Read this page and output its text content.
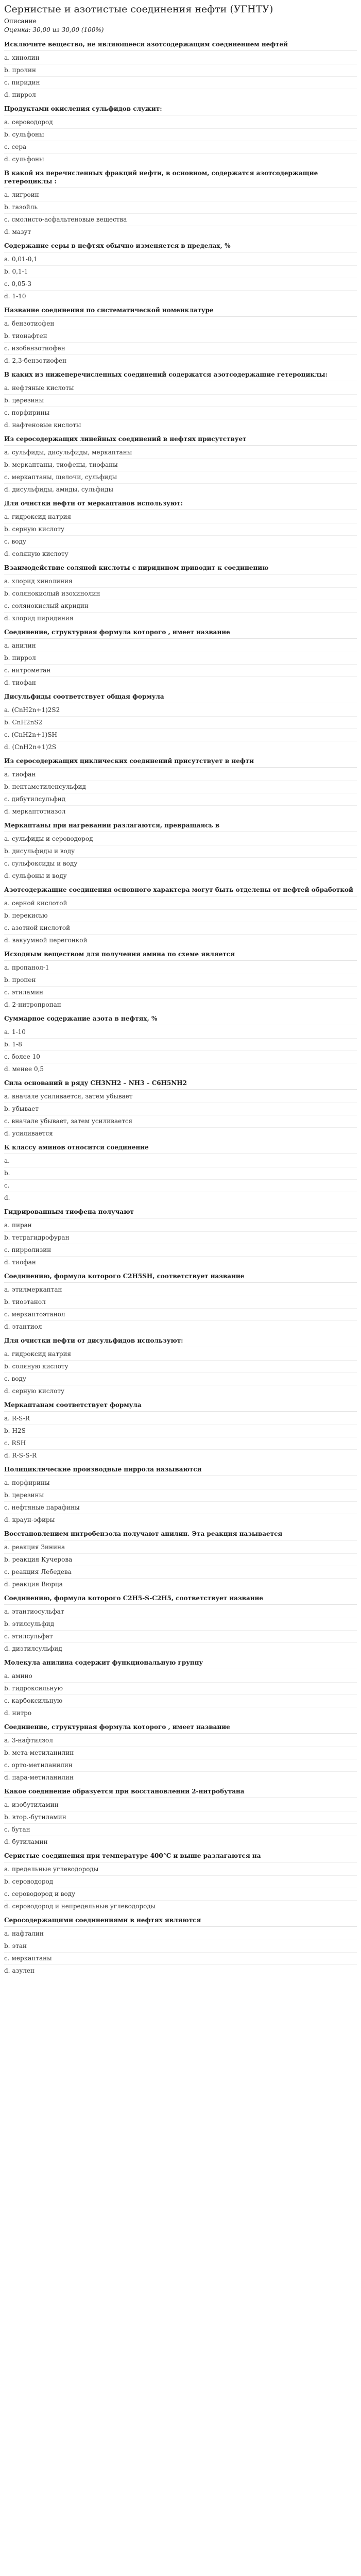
Сернистые и азотистые соединения нефти (УГНТУ)

Описание

Оценка: 30,00 из 30,00 (100%)

Исключите вещество, не являющееся азотсодержащим соединением нефтей
a. хинолин
b. пролин
c. пиридин
d. пиррол
Продуктами окисления сульфидов служит:
a. сероводород
b. сульфоны
c. сера
d. сульфоны
В какой из перечисленных фракций нефти, в основном, содержатся азотсодержащие гетероциклы :
a. лигроин
b. газойль
c. смолисто-асфальтеновые вещества
d. мазут
Содержание серы в нефтях обычно изменяется в пределах, %
a. 0,01-0,1
b. 0,1-1
c. 0,05-3
d. 1-10
Название соединения по систематической номенклатуре
a. бензотиофен
b. тионафтен
c. изобензотиофен
d. 2,3-бензотиофен
В каких из нижеперечисленных соединений содержатся азотсодержащие гетероциклы:
a. нефтяные кислоты
b. церезины
c. порфирины
d. нафтеновые кислоты
Из серосодержащих линейных соединений в нефтях присутствует
a. сульфиды, дисульфиды, меркаптаны
b. меркаптаны, тиофены, тиофаны
c. меркаптаны, щелочи, сульфиды
d. дисульфиды, амиды, сульфиды
Для очистки нефти от меркаптанов используют:
a. гидроксид натрия
b. серную кислоту
c. воду
d. соляную кислоту
Взаимодействие соляной кислоты с пиридином приводит к соединению
a. хлорид хинолиния
b. солянокислый изохинолин
c. солянокислый акридин
d. хлорид пиридиния
Соединение, структурная формула которого , имеет название
a. анилин
b. пиррол
c. нитрометан
d. тиофан
Дисульфиды соответствует общая формула
a. (CnH2n+1)2S2
b. CnH2nS2
c. (CnH2n+1)SH
d. (CnH2n+1)2S
Из серосодержащих циклических соединений присутствует в нефти
a. тиофан
b. пентаметиленсульфид
c. дибутилсульфид
d. меркаптотиазол
Меркаптаны при нагревании разлагаются, превращаясь в
a. сульфиды и сероводород
b. дисульфиды и воду
c. сульфоксиды и воду
d. сульфоны и воду
Азотсодержащие соединения основного характера могут быть отделены от нефтей обработкой
a. серной кислотой
b. перекисью
c. азотной кислотой
d. вакуумной перегонкой
Исходным веществом для получения амина по схеме является
a. пропанол-1
b. пропен
c. этиламин
d. 2-нитропропан
Суммарное содержание азота в нефтях, %
a. 1-10
b. 1-8
c. более 10
d. менее 0,5
Сила оснований в ряду CH3NH2 – NH3 – C6H5NH2
a. вначале усиливается, затем убывает
b. убывает
c. вначале убывает, затем усиливается
d. усиливается
К классу аминов относится соединение
a.
b.
c.
d.
Гидрированным тиофена получают
a. пиран
b. тетрагидрофуран
c. пирролизин
d. тиофан
Соединению, формула которого C2H5SH, соответствует название
a. этилмеркаптан
b. тиоэтанол
c. меркаптоэтанол
d. этантиол
Для очистки нефти от дисульфидов используют:
a. гидроксид натрия
b. соляную кислоту
c. воду
d. серную кислоту
Меркаптанам соответствует формула
a. R-S-R
b. H2S
c. RSH
d. R-S-S-R
Полициклические производные пиррола называются
a. порфирины
b. церезины
c. нефтяные парафины
d. краун-эфиры
Восстановлением нитробензола получают анилин. Эта реакция называется
a. реакция Зинина
b. реакция Кучерова
c. реакция Лебедева
d. реакция Вюрца
Соединению, формула которого C2H5-S-C2H5, соответствует название
a. этантиосульфат
b. этилсульфид
c. этилсульфат
d. диэтилсульфид
Молекула анилина содержит функциональную группу
a. амино
b. гидроксильную
c. карбоксильную
d. нитро
Соединение, структурная формула которого , имеет название
a. 3-нафтилзол
b. мета-метиланилин
c. орто-метиланилин
d. пара-метиланилин
Какое соединение образуется при восстановлении 2-нитробутана
a. изобутиламин
b. втор.-бутиламин
c. бутан
d. бутиламин
Серистые соединения при температуре 400°С и выше разлагаются на
a. предельные углеводороды
b. сероводород
c. сероводород и воду
d. сероводород и непредельные углеводороды
Серосодержащими соединениями в нефтях являются
a. нафталин
b. этан
c. меркаптаны
d. азулен
